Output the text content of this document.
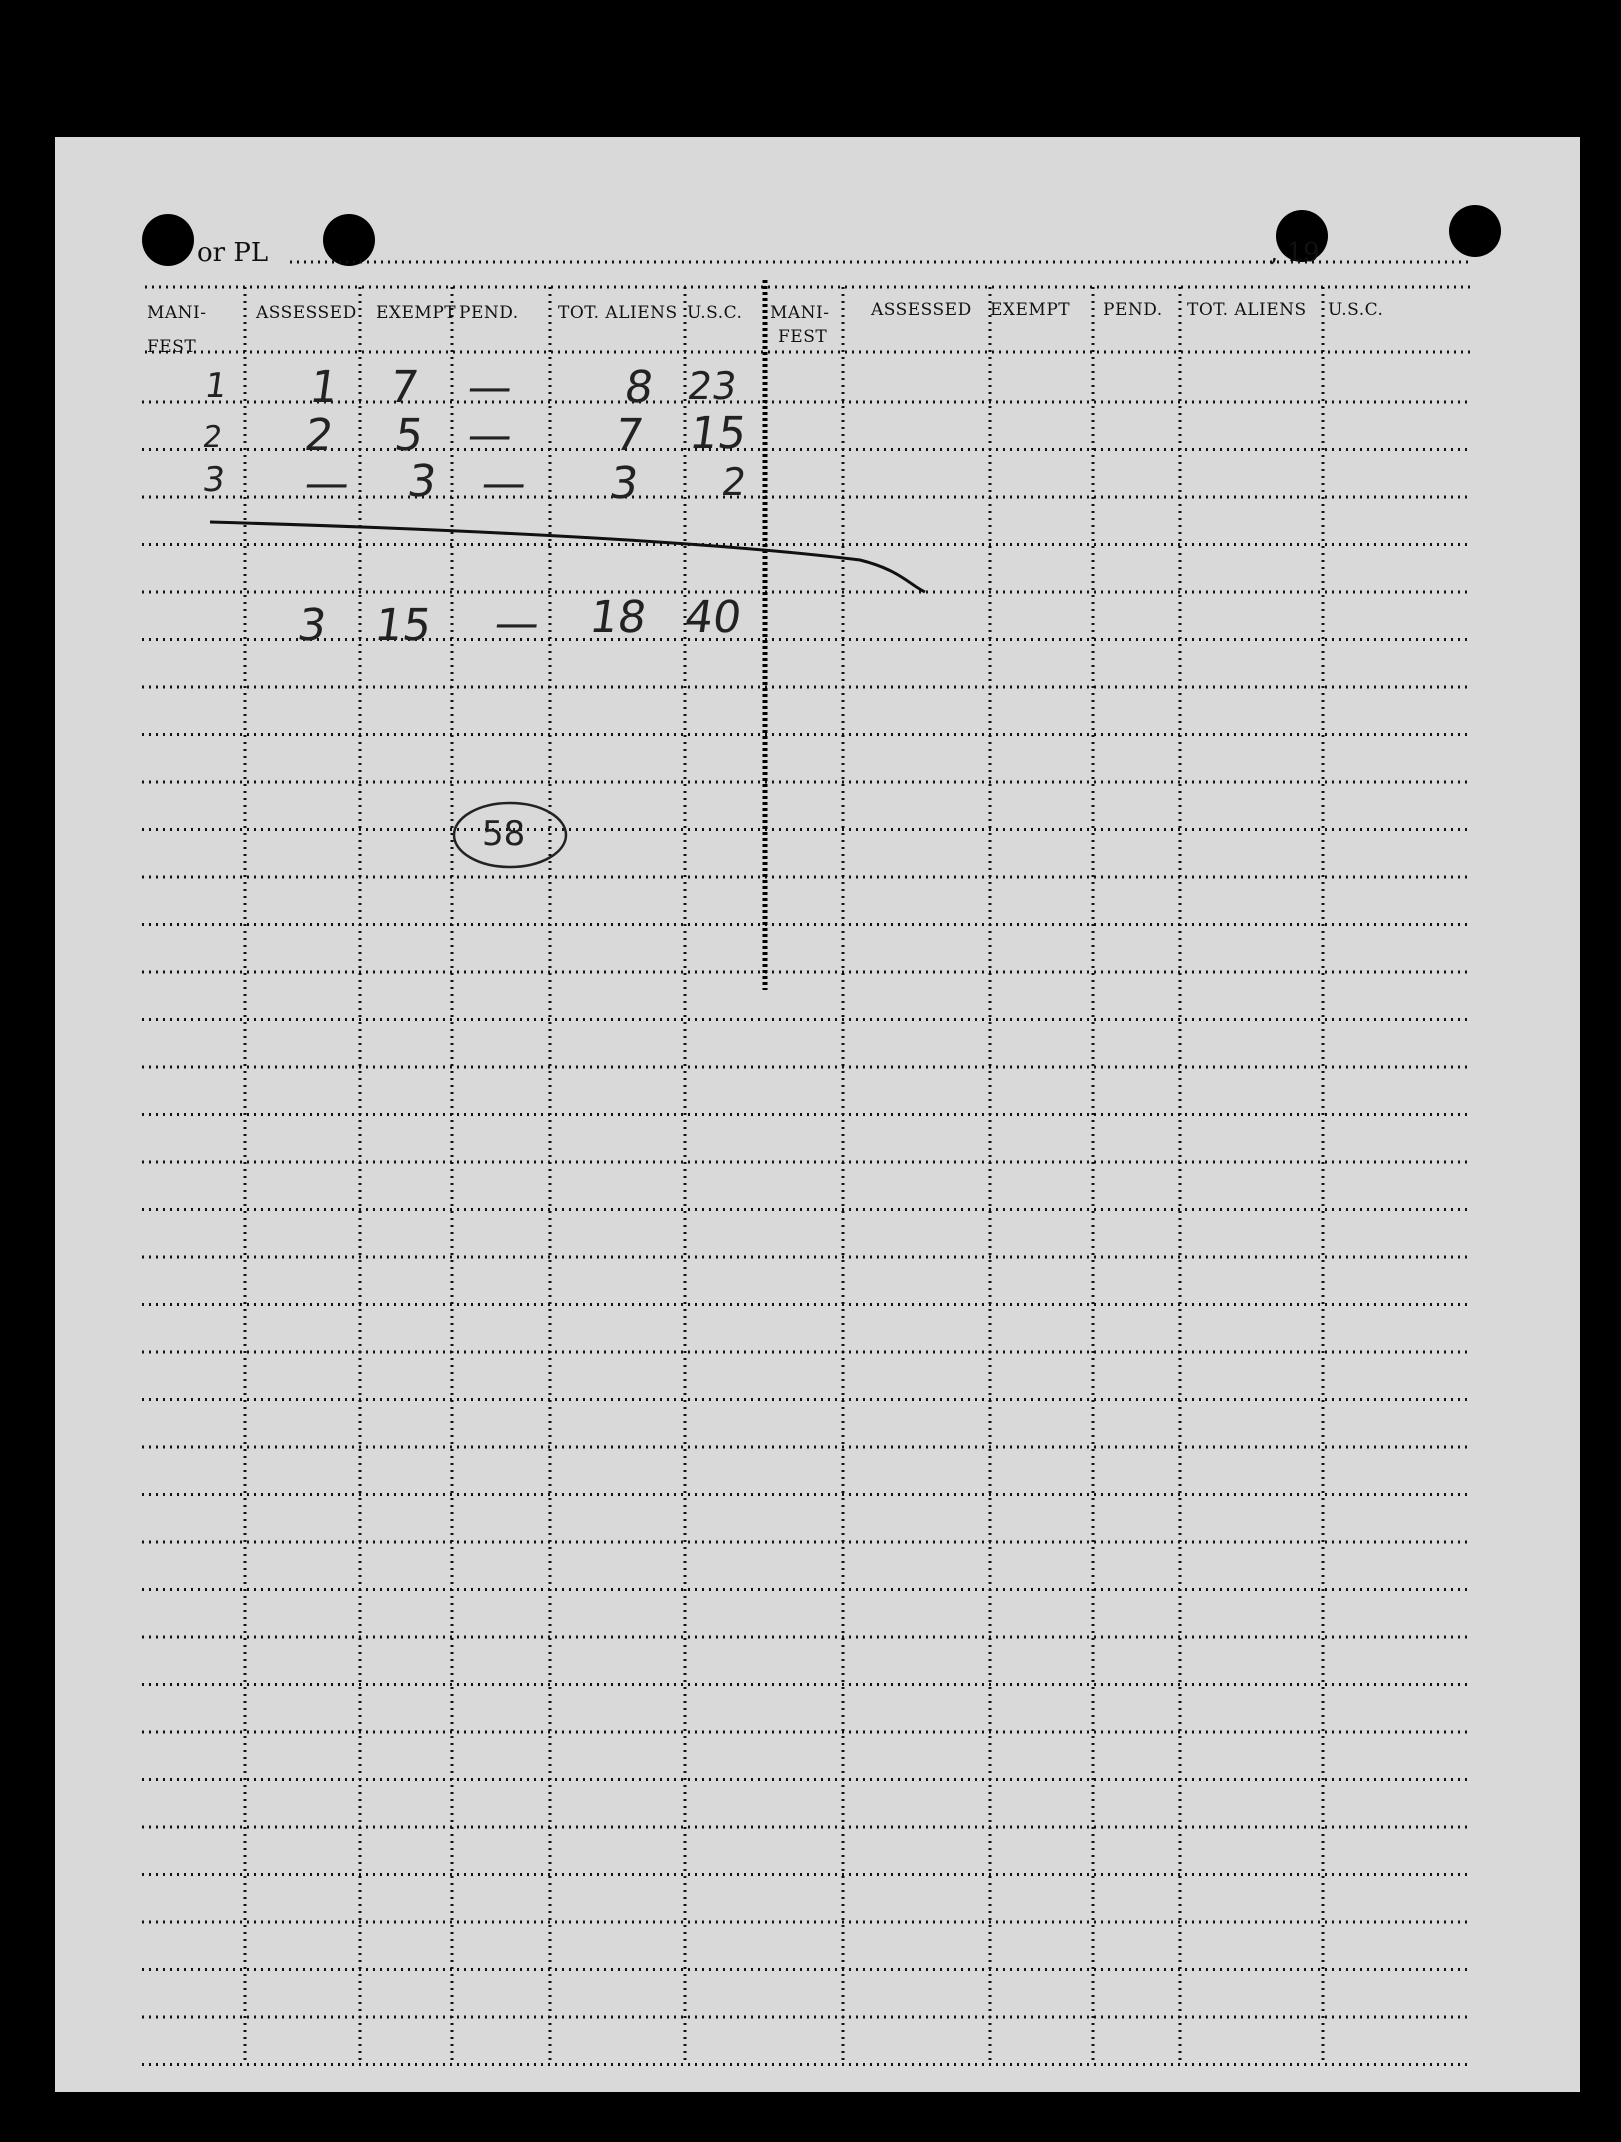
or PL	, 19
MANI-
FEST
ASSESSED EXEMPT PEND. TOT. ALIENS U.S.C. MANI-
FEST
ASSESSED EXEMPT PEND. TOT. ALIENS U.S.C.
1 1 7 — 8 23
2 2 5 — 7 15
3 — 3 — 3 2
3 15 — 18 40
58
